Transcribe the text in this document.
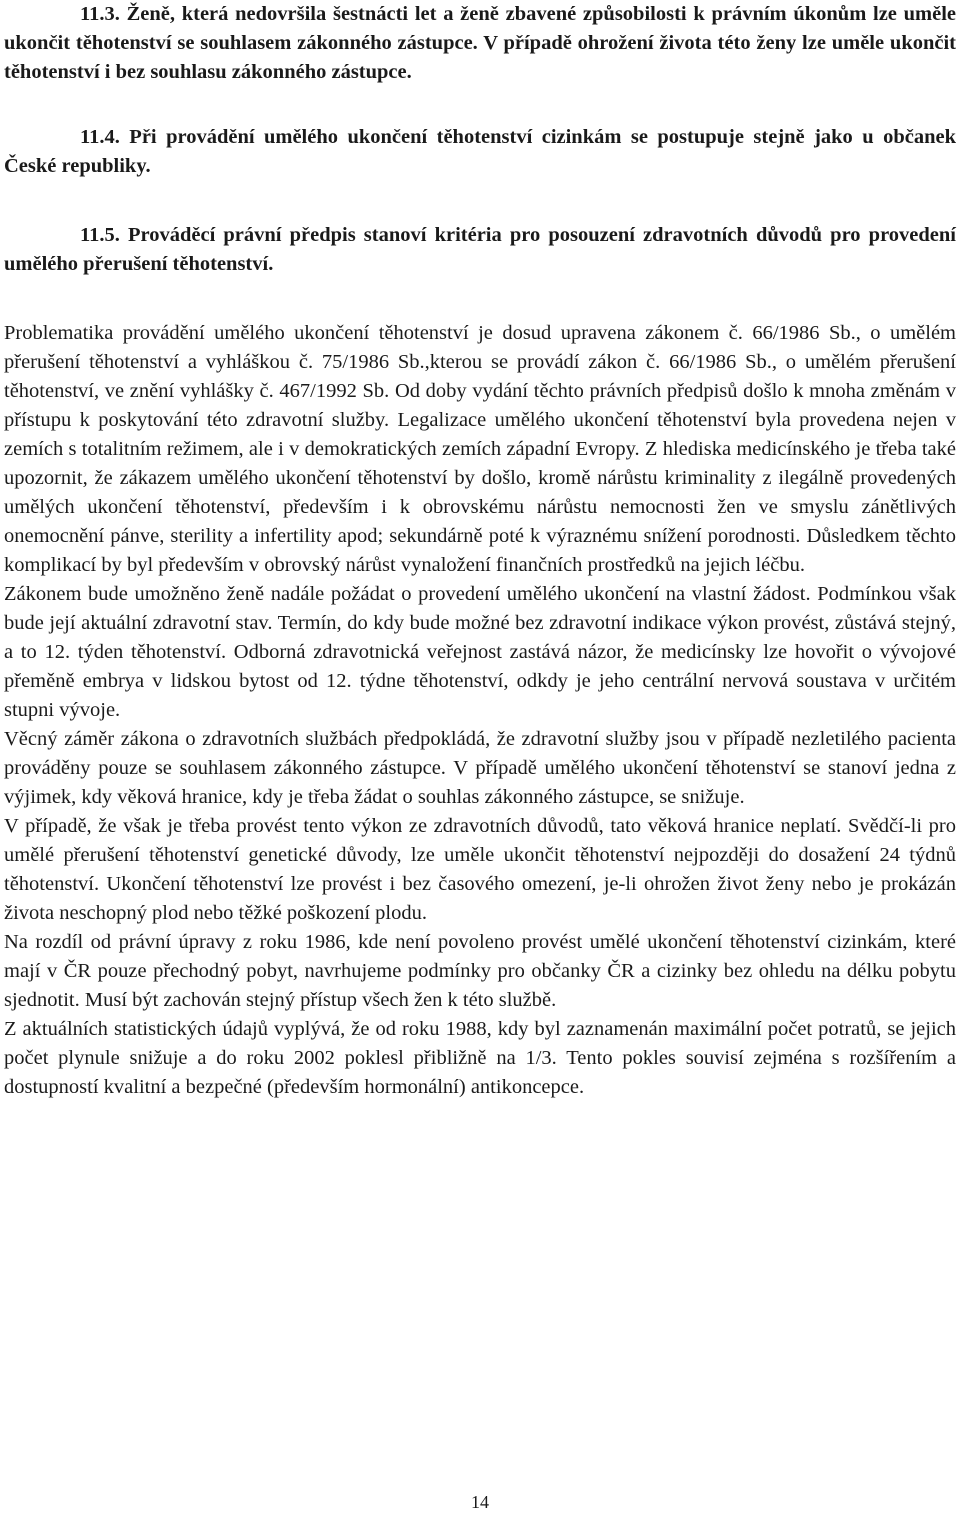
11.3. Ženě, která nedovršila šestnácti let a ženě zbavené způsobilosti k právním úkonům lze uměle ukončit těhotenství se souhlasem zákonného zástupce. V případě ohrožení života této ženy lze uměle ukončit těhotenství i bez souhlasu zákonného zástupce.

11.4. Při provádění umělého ukončení těhotenství cizinkám se postupuje stejně jako u občanek České republiky.

11.5. Prováděcí právní předpis stanoví kritéria pro posouzení zdravotních důvodů pro provedení umělého přerušení těhotenství.

Problematika provádění umělého ukončení těhotenství je dosud upravena zákonem č. 66/1986 Sb., o umělém přerušení těhotenství a vyhláškou č. 75/1986 Sb.,kterou se provádí zákon č. 66/1986 Sb., o umělém přerušení těhotenství, ve znění vyhlášky č. 467/1992 Sb. Od doby vydání těchto právních předpisů došlo k mnoha změnám v přístupu k poskytování této zdravotní služby. Legalizace umělého ukončení těhotenství byla provedena nejen v zemích s totalitním režimem, ale i v demokratických zemích západní Evropy. Z hlediska medicínského je třeba také upozornit, že zákazem umělého ukončení těhotenství by došlo, kromě nárůstu kriminality z ilegálně provedených umělých ukončení těhotenství, především i k obrovskému nárůstu nemocnosti žen ve smyslu zánětlivých onemocnění pánve, sterility a infertility apod; sekundárně poté k výraznému snížení porodnosti. Důsledkem těchto komplikací by byl především v obrovský nárůst vynaložení finančních prostředků na jejich léčbu.

Zákonem bude umožněno ženě nadále požádat o provedení umělého ukončení na vlastní žádost. Podmínkou však bude její aktuální zdravotní stav. Termín, do kdy bude možné bez zdravotní indikace výkon provést, zůstává stejný, a to 12. týden těhotenství. Odborná zdravotnická veřejnost zastává názor, že medicínsky lze hovořit o vývojové přeměně embrya v lidskou bytost od 12. týdne těhotenství, odkdy je jeho centrální nervová soustava v určitém stupni vývoje.

Věcný záměr zákona o zdravotních službách předpokládá, že zdravotní služby jsou v případě nezletilého pacienta prováděny pouze se souhlasem zákonného zástupce. V případě umělého ukončení těhotenství se stanoví jedna z výjimek, kdy věková hranice, kdy je třeba žádat o souhlas zákonného zástupce, se snižuje.

V případě, že však je třeba provést tento výkon ze zdravotních důvodů, tato věková hranice neplatí. Svědčí-li pro umělé přerušení těhotenství genetické důvody, lze uměle ukončit těhotenství nejpozději do dosažení 24 týdnů těhotenství. Ukončení těhotenství lze provést i bez časového omezení, je-li ohrožen život ženy nebo je prokázán života neschopný plod nebo těžké poškození plodu.

Na rozdíl od právní úpravy z roku 1986, kde není povoleno provést umělé ukončení těhotenství cizinkám, které mají v ČR pouze přechodný pobyt, navrhujeme podmínky pro občanky ČR a cizinky bez ohledu na délku pobytu sjednotit. Musí být zachován stejný přístup všech žen k této službě.

Z aktuálních statistických údajů vyplývá, že od roku 1988, kdy byl zaznamenán maximální počet potratů, se jejich počet plynule snižuje a do roku 2002 poklesl přibližně na 1/3. Tento pokles souvisí zejména s rozšířením a dostupností kvalitní a bezpečné (především hormonální) antikoncepce.

14
